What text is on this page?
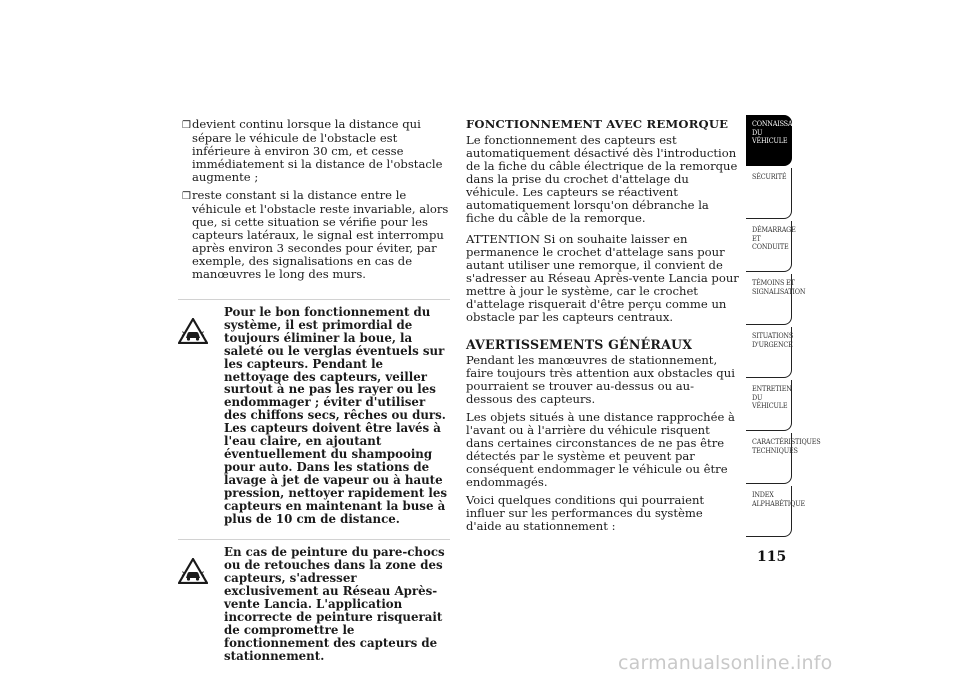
❒devient continu lorsque la distance qui sépare le véhicule de l'obstacle est inférieure à environ 30 cm, et cesse immédiatement si la distance de l'obstacle augmente ;
❒reste constant si la distance entre le véhicule et l'obstacle reste invariable, alors que, si cette situation se vérifie pour les capteurs latéraux, le signal est interrompu après environ 3 secondes pour éviter, par exemple, des signalisations en cas de manœuvres le long des murs.
Pour le bon fonctionnement du système, il est primordial de toujours éliminer la boue, la saleté ou le verglas éventuels sur les capteurs. Pendant le nettoyage des capteurs, veiller surtout à ne pas les rayer ou les endommager ; éviter d'utiliser des chiffons secs, rêches ou durs. Les capteurs doivent être lavés à l'eau claire, en ajoutant éventuellement du shampooing pour auto. Dans les stations de lavage à jet de vapeur ou à haute pression, nettoyer rapidement les capteurs en maintenant la buse à plus de 10 cm de distance.
En cas de peinture du pare-chocs ou de retouches dans la zone des capteurs, s'adresser exclusivement au Réseau Après-vente Lancia. L'application incorrecte de peinture risquerait de compromettre le fonctionnement des capteurs de stationnement.
FONCTIONNEMENT AVEC REMORQUE

Le fonctionnement des capteurs est automatiquement désactivé dès l'introduction de la fiche du câble électrique de la remorque dans la prise du crochet d'attelage du véhicule. Les capteurs se réactivent automatiquement lorsqu'on débranche la fiche du câble de la remorque.

ATTENTION Si on souhaite laisser en permanence le crochet d'attelage sans pour autant utiliser une remorque, il convient de s'adresser au Réseau Après-vente Lancia pour mettre à jour le système, car le crochet d'attelage risquerait d'être perçu comme un obstacle par les capteurs centraux.

AVERTISSEMENTS GÉNÉRAUX

Pendant les manœuvres de stationnement, faire toujours très attention aux obstacles qui pourraient se trouver au-dessus ou au-dessous des capteurs.

Les objets situés à une distance rapprochée à l'avant ou à l'arrière du véhicule risquent dans certaines circonstances de ne pas être détectés par le système et peuvent par conséquent endommager le véhicule ou être endommagés.

Voici quelques conditions qui pourraient influer sur les performances du système d'aide au stationnement :

CONNAISSANCE DU VÉHICULE
SÉCURITÉ
DÉMARRAGE ET CONDUITE
TÉMOINS ET SIGNALISATION
SITUATIONS D'URGENCE
ENTRETIEN DU VÉHICULE
CARACTÉRISTIQUES TECHNIQUES
INDEX ALPHABÉTIQUE
115
carmanualsonline.info
